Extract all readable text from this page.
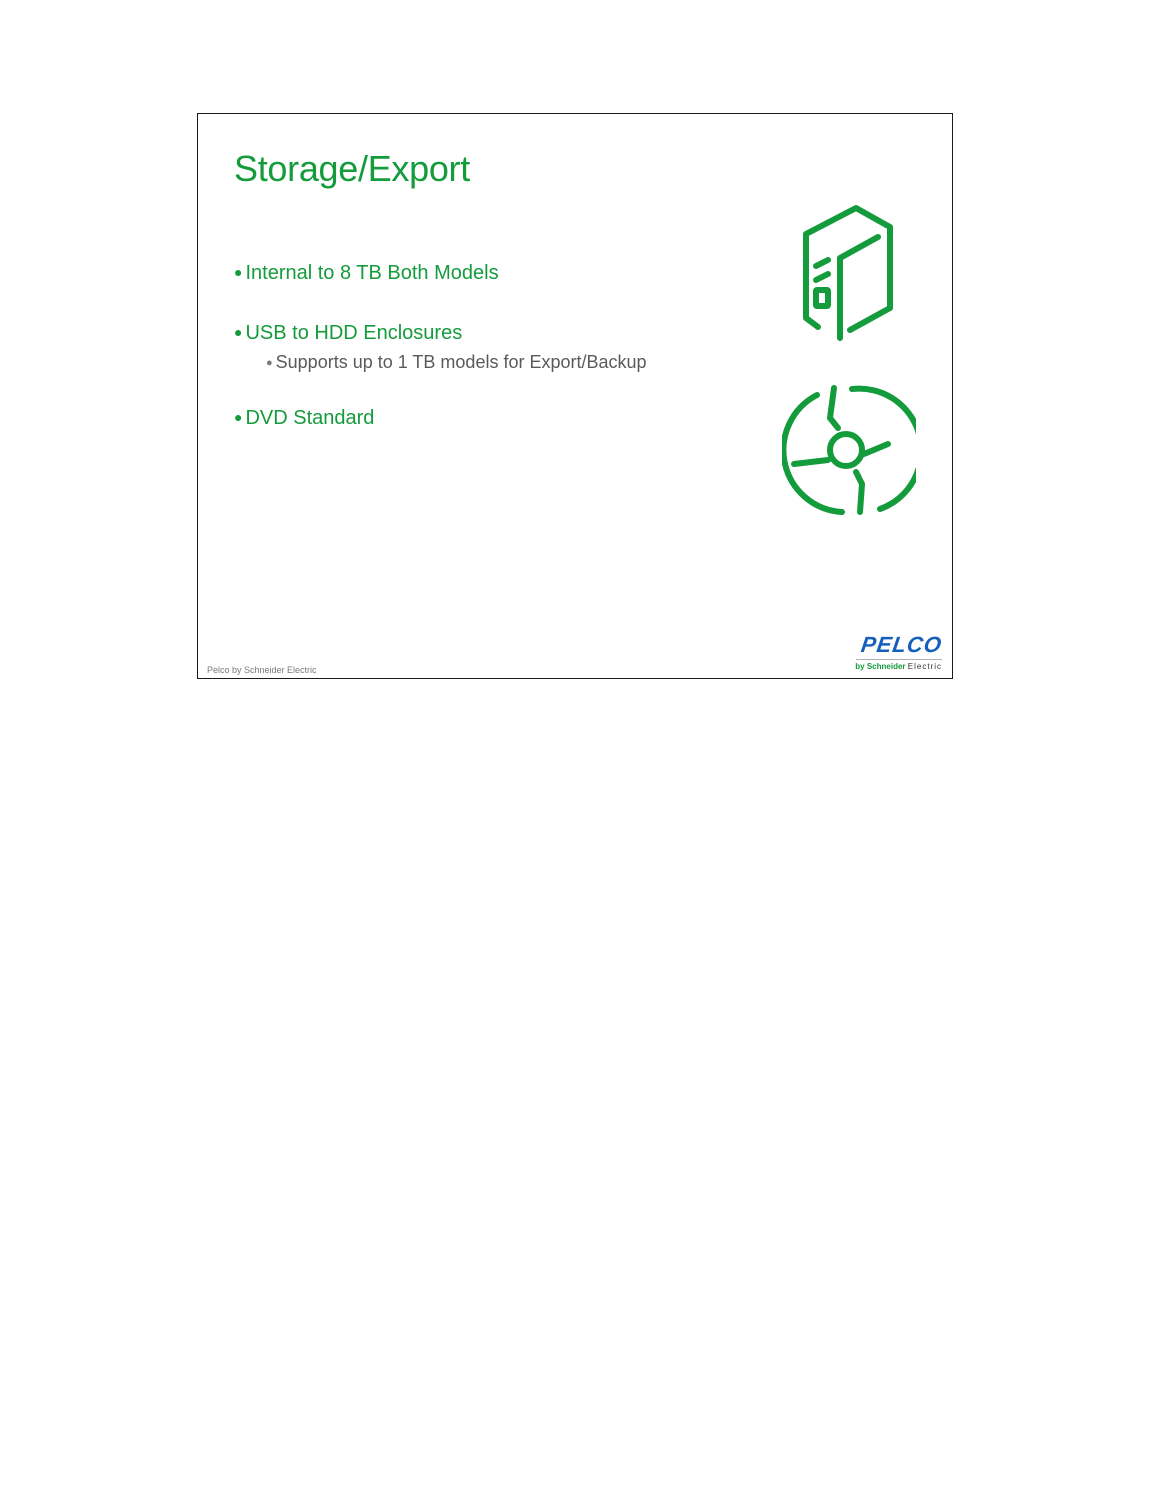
Storage/Export
● Internal to 8 TB Both Models
● USB to HDD Enclosures
● Supports up to 1 TB models for Export/Backup
● DVD Standard
Pelco by Schneider Electric
PELCO
by Schneider Electric
